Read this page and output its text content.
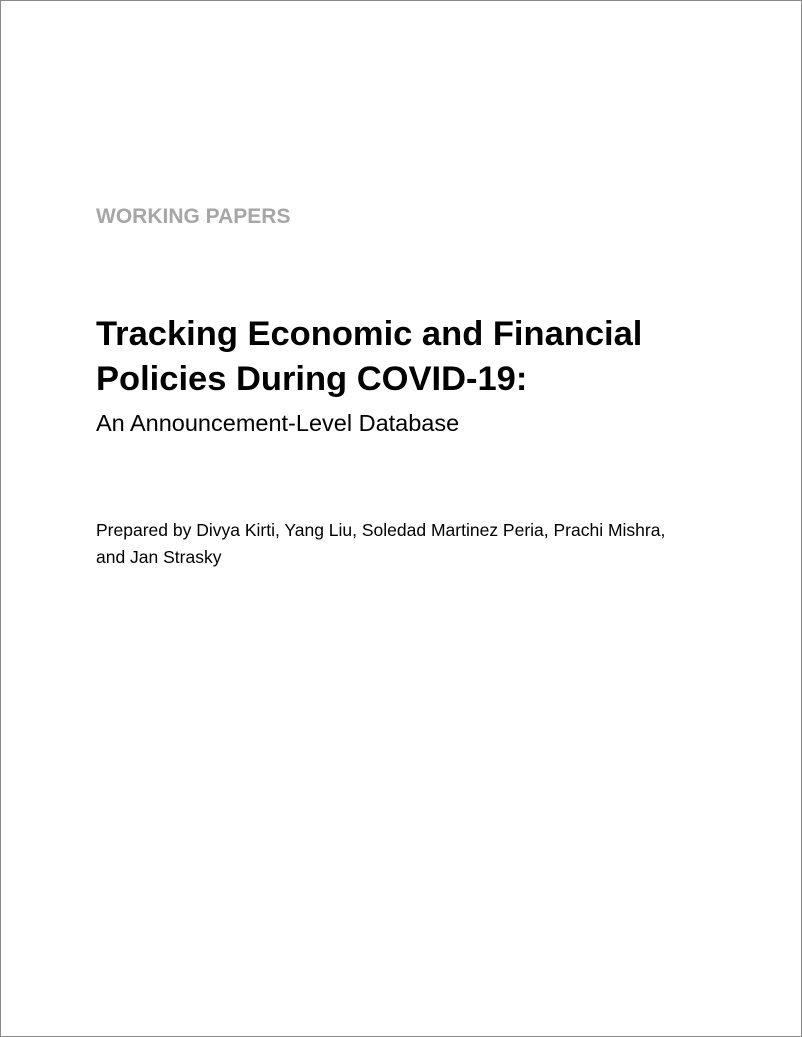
WORKING PAPERS

Tracking Economic and Financial
Policies During COVID-19:

An Announcement-Level Database

Prepared by Divya Kirti, Yang Liu, Soledad Martinez Peria, Prachi Mishra,
and Jan Strasky
